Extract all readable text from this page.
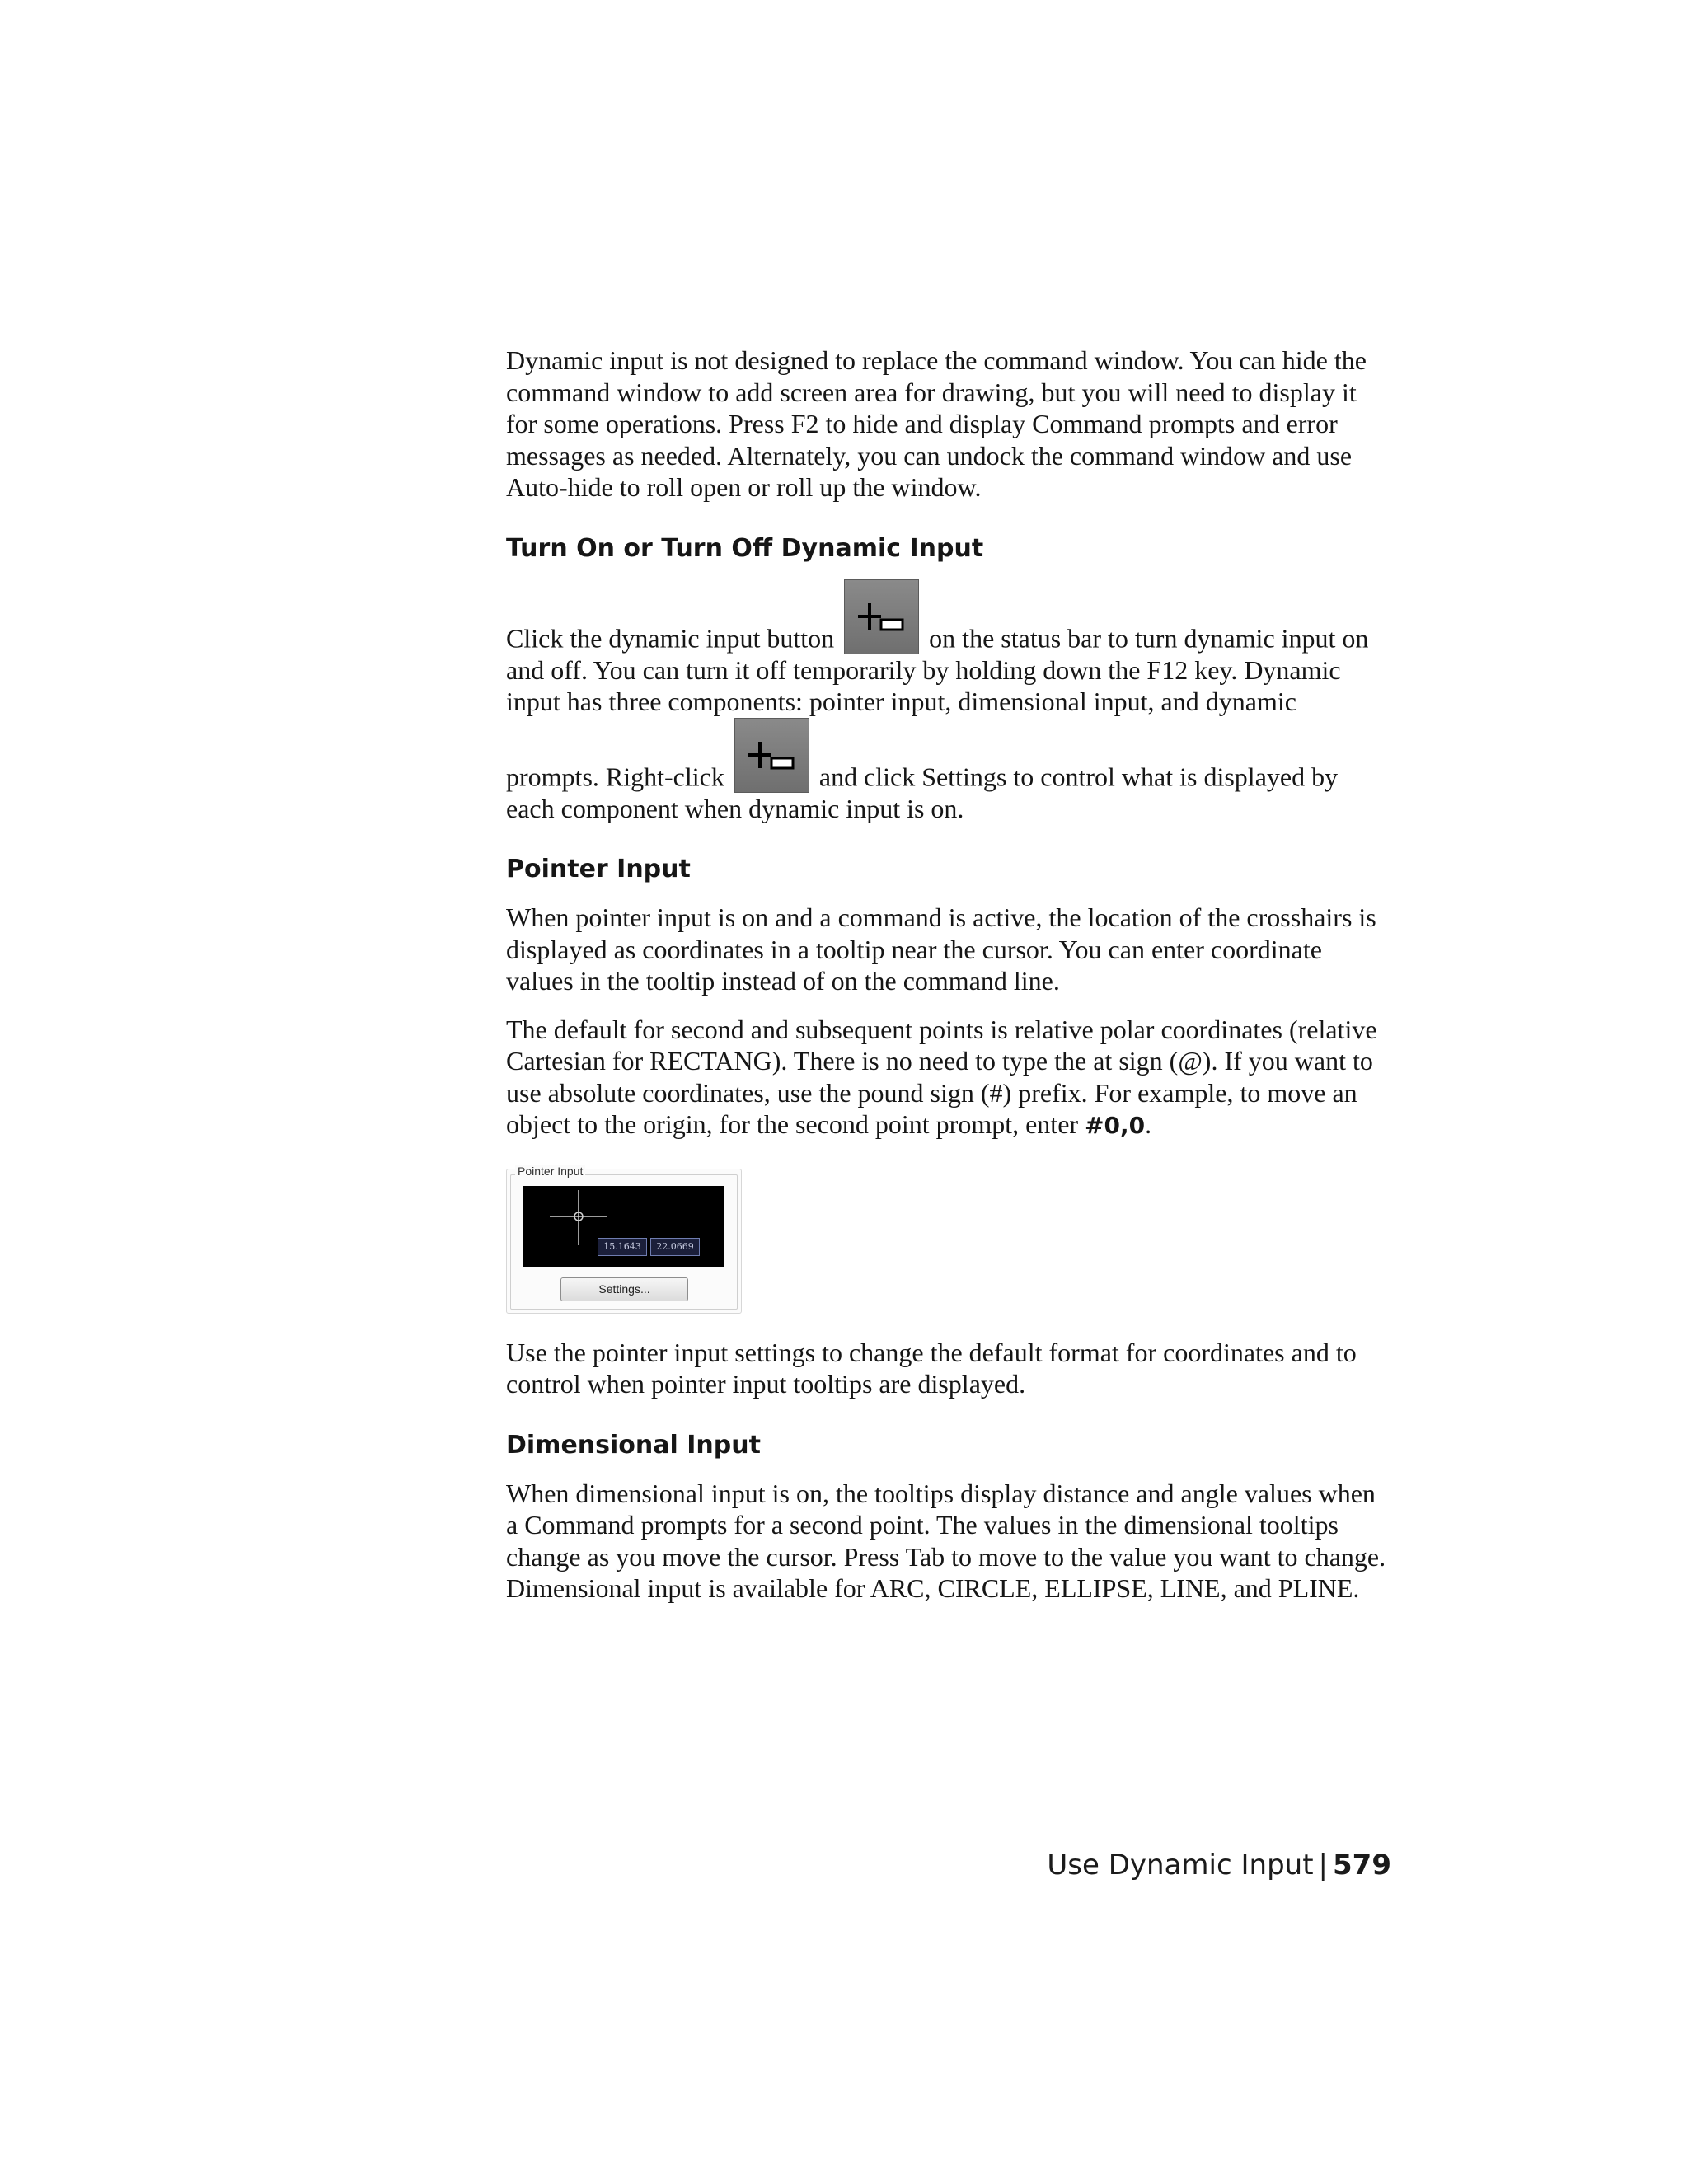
Dynamic input is not designed to replace the command window. You can hide the command window to add screen area for drawing, but you will need to display it for some operations. Press F2 to hide and display Command prompts and error messages as needed. Alternately, you can undock the command window and use Auto-hide to roll open or roll up the window.

Turn On or Turn Off Dynamic Input

Click the dynamic input button	on the status bar to turn dynamic input on and off. You can turn it off temporarily by holding down the F12 key. Dynamic input has three components: pointer input, dimensional input, and dynamic prompts. Right-click	and click Settings to control what is displayed by each component when dynamic input is on.

Pointer Input

When pointer input is on and a command is active, the location of the crosshairs is displayed as coordinates in a tooltip near the cursor. You can enter coordinate values in the tooltip instead of on the command line.

The default for second and subsequent points is relative polar coordinates (relative Cartesian for RECTANG). There is no need to type the at sign (@). If you want to use absolute coordinates, use the pound sign (#) prefix. For example, to move an object to the origin, for the second point prompt, enter #0,0.

Pointer Input
15.1643	22.0669
Settings...

Use the pointer input settings to change the default format for coordinates and to control when pointer input tooltips are displayed.

Dimensional Input

When dimensional input is on, the tooltips display distance and angle values when a Command prompts for a second point. The values in the dimensional tooltips change as you move the cursor. Press Tab to move to the value you want to change. Dimensional input is available for ARC, CIRCLE, ELLIPSE, LINE, and PLINE.

Use Dynamic Input | 579
